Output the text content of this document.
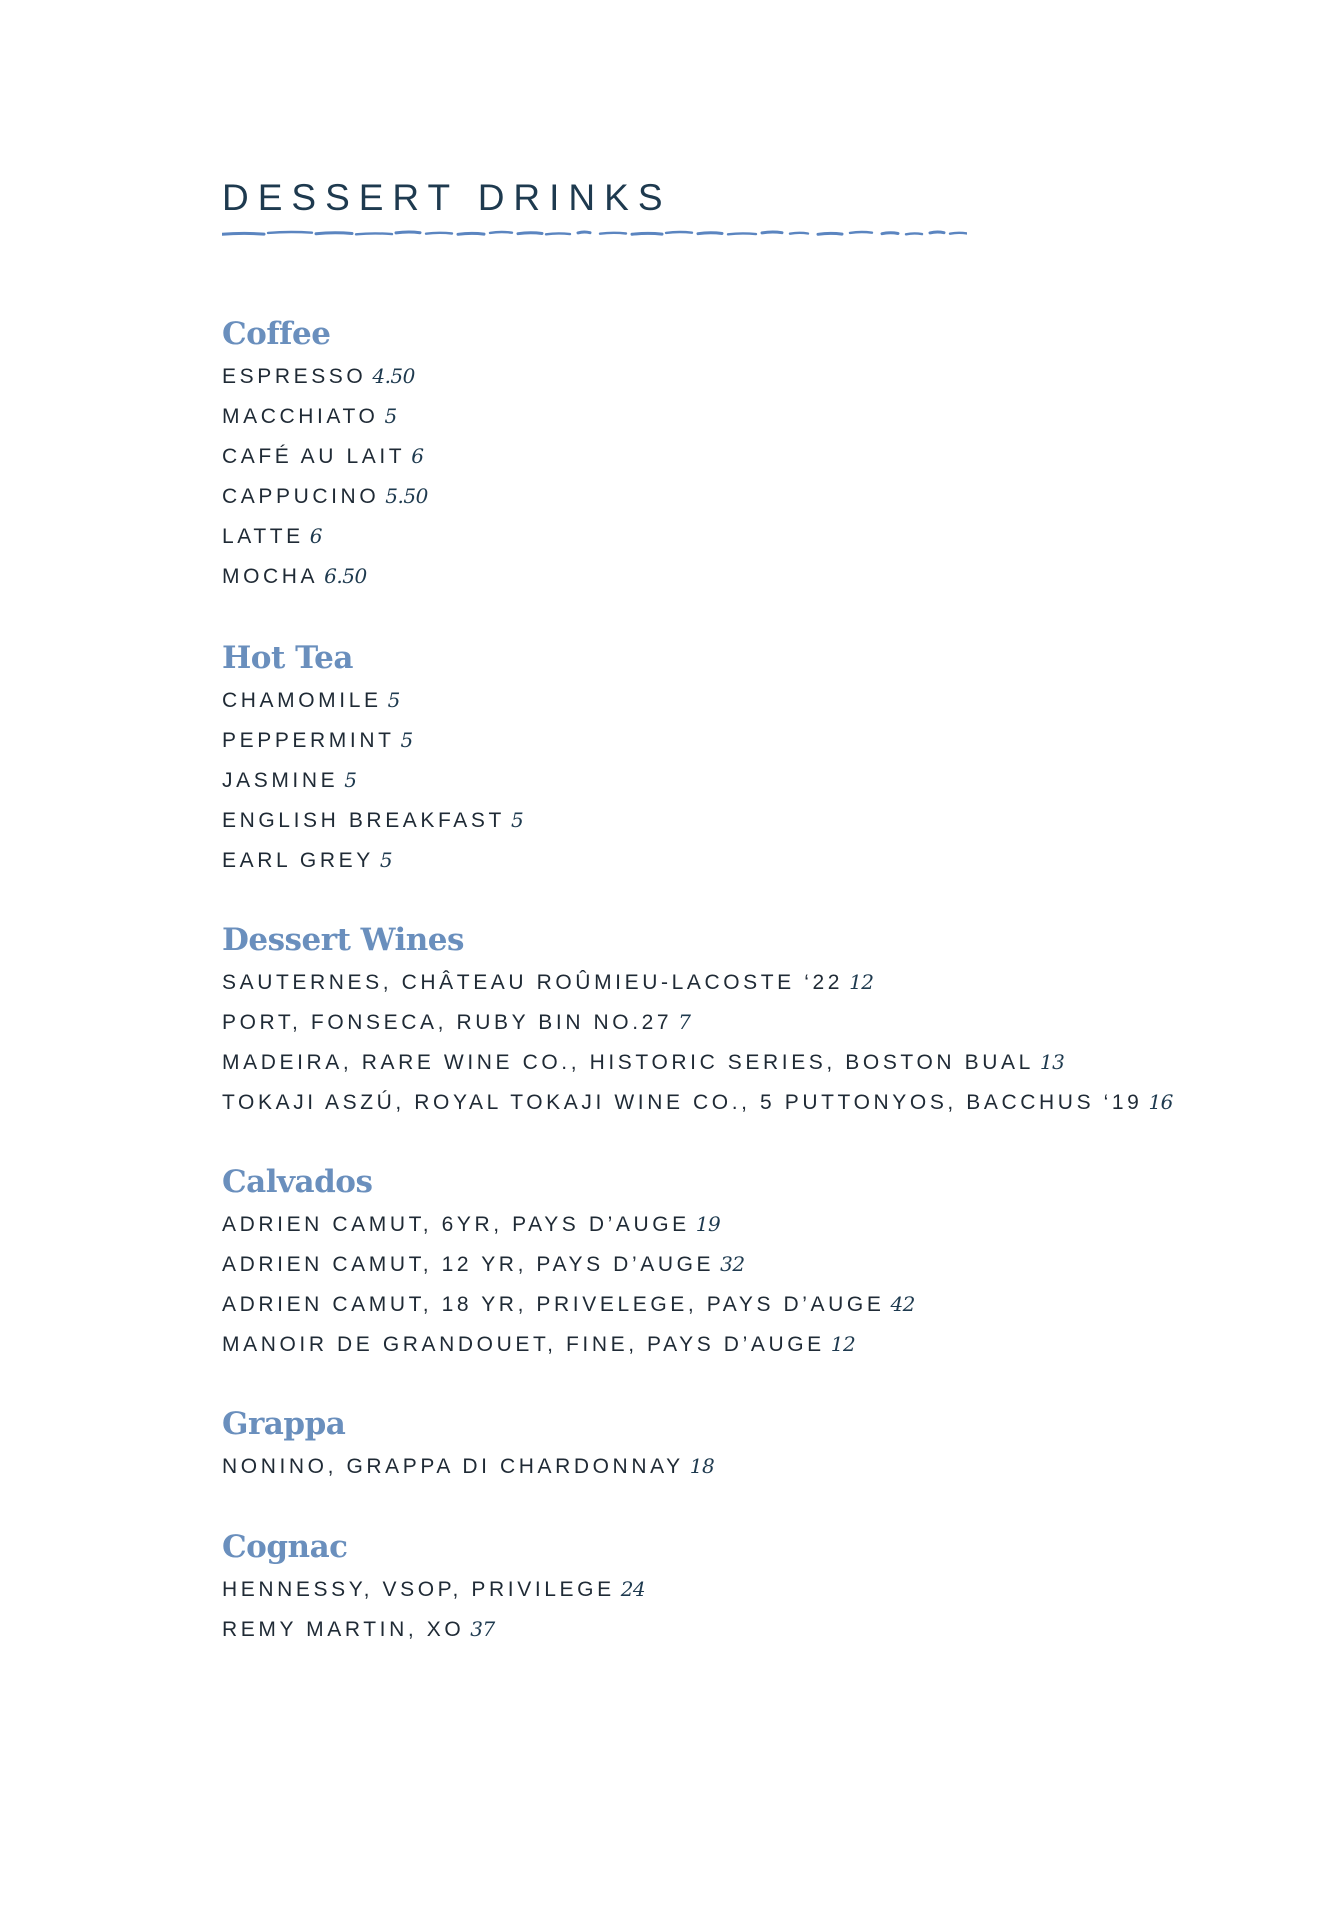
DESSERT DRINKS
Coffee
ESPRESSO 4.50
MACCHIATO 5
CAFÉ AU LAIT 6
CAPPUCINO 5.50
LATTE 6
MOCHA 6.50
Hot Tea
CHAMOMILE 5
PEPPERMINT 5
JASMINE 5
ENGLISH BREAKFAST 5
EARL GREY 5
Dessert Wines
SAUTERNES, CHÂTEAU ROÛMIEU-LACOSTE ‘22 12
PORT, FONSECA, RUBY BIN NO.27 7
MADEIRA, RARE WINE CO., HISTORIC SERIES, BOSTON BUAL 13
TOKAJI ASZÚ, ROYAL TOKAJI WINE CO., 5 PUTTONYOS, BACCHUS ‘19 16
Calvados
ADRIEN CAMUT, 6YR, PAYS D’AUGE 19
ADRIEN CAMUT, 12 YR, PAYS D’AUGE 32
ADRIEN CAMUT, 18 YR, PRIVELEGE, PAYS D’AUGE 42
MANOIR DE GRANDOUET, FINE, PAYS D’AUGE 12
Grappa
NONINO, GRAPPA DI CHARDONNAY 18
Cognac
HENNESSY, VSOP, PRIVILEGE 24
REMY MARTIN, XO 37
